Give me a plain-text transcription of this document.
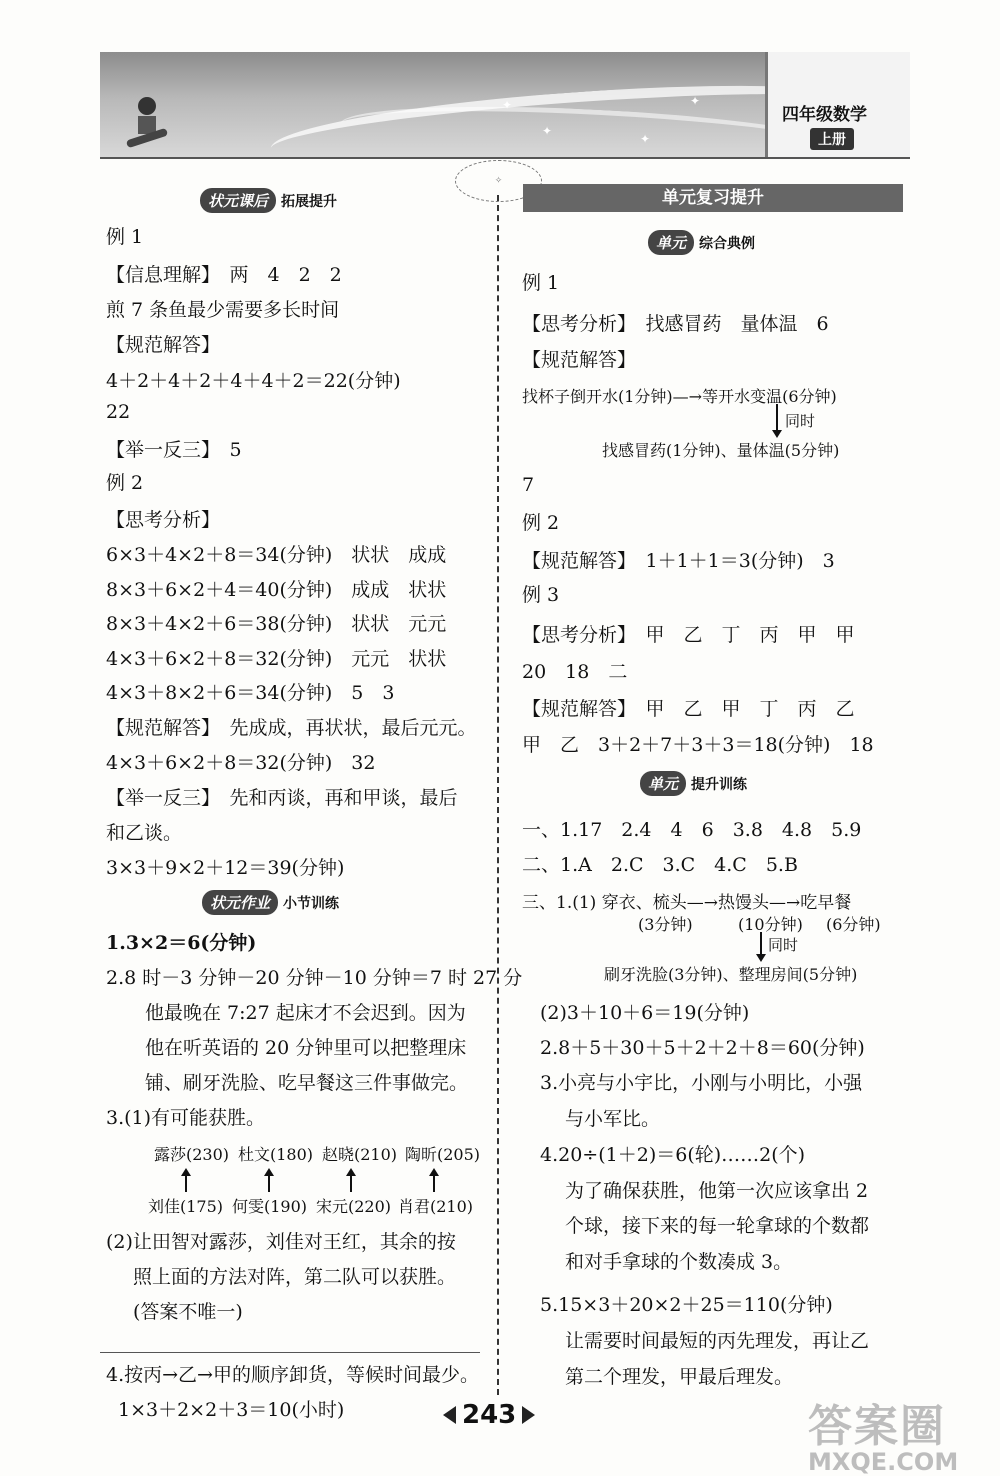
✦
✦
✦
✦
四年级数学
上册
✧
状元课后 拓展提升
例 1
【信息理解】　两　4　2　2
煎 7 条鱼最少需要多长时间
【规范解答】
4＋2＋4＋2＋4＋4＋2＝22(分钟)
22
【举一反三】　5
例 2
【思考分析】
6×3＋4×2＋8＝34(分钟)　状状　成成
8×3＋6×2＋4＝40(分钟)　成成　状状
8×3＋4×2＋6＝38(分钟)　状状　元元
4×3＋6×2＋8＝32(分钟)　元元　状状
4×3＋8×2＋6＝34(分钟)　5　3
【规范解答】　先成成，再状状，最后元元。
4×3＋6×2＋8＝32(分钟)　32
【举一反三】　先和丙谈，再和甲谈，最后
和乙谈。
3×3＋9×2＋12＝39(分钟)
状元作业 小节训练
1.3×2＝6(分钟)
2.8 时－3 分钟－20 分钟－10 分钟＝7 时 27 分
他最晚在 7:27 起床才不会迟到。因为
他在听英语的 20 分钟里可以把整理床
铺、刷牙洗脸、吃早餐这三件事做完。
3.(1)有可能获胜。
露莎(230) 杜文(180) 赵晓(210) 陶昕(205)
刘佳(175) 何雯(190) 宋元(220) 肖君(210)
(2)让田智对露莎，刘佳对王红，其余的按
照上面的方法对阵，第二队可以获胜。
(答案不唯一)
4.按丙→乙→甲的顺序卸货，等候时间最少。
1×3＋2×2＋3＝10(小时)
单元复习提升
单元 综合典例
例 1
【思考分析】　找感冒药　量体温　6
【规范解答】
找杯子倒开水(1分钟)—→等开水变温(6分钟)
同时
找感冒药(1分钟)、量体温(5分钟)
7
例 2
【规范解答】　1＋1＋1＝3(分钟)　3
例 3
【思考分析】　甲　乙　丁　丙　甲　甲
20　18　二
【规范解答】　甲　乙　甲　丁　丙　乙
甲　乙　3＋2＋7＋3＋3＝18(分钟)　18
单元 提升训练
一、1.17　2.4　4　6　3.8　4.8　5.9
二、1.A　2.C　3.C　4.C　5.B
三、1.(1) 穿衣、梳头—→热馒头—→吃早餐
(3分钟)	(10分钟) (6分钟)
同时
刷牙洗脸(3分钟)、整理房间(5分钟)
(2)3＋10＋6＝19(分钟)
2.8＋5＋30＋5＋2＋2＋8＝60(分钟)
3.小亮与小宇比，小刚与小明比，小强
与小军比。
4.20÷(1＋2)＝6(轮)……2(个)
为了确保获胜，他第一次应该拿出 2
个球，接下来的每一轮拿球的个数都
和对手拿球的个数凑成 3。
5.15×3＋20×2＋25＝110(分钟)
让需要时间最短的丙先理发，再让乙
第二个理发，甲最后理发。
243	答案圈
MXQE.COM
